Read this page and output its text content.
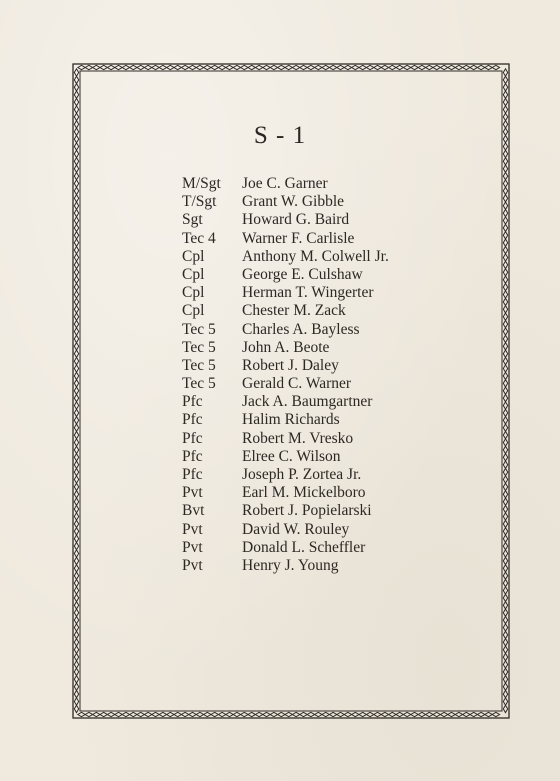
S - 1
M/Sgt Joe C. Garner
T/Sgt Grant W. Gibble
Sgt	Howard G. Baird
Tec 4 Warner F. Carlisle
Cpl Anthony M. Colwell Jr.
Cpl George E. Culshaw
Cpl Herman T. Wingerter
Cpl Chester M. Zack
Tec 5 Charles A. Bayless
Tec 5 John A. Beote
Tec 5 Robert J. Daley
Tec 5 Gerald C. Warner
Pfc	Jack A. Baumgartner
Pfc	Halim Richards
Pfc	Robert M. Vresko
Pfc	Elree C. Wilson
Pfc	Joseph P. Zortea Jr.
Pvt	Earl M. Mickelboro
Bvt Robert J. Popielarski
Pvt	David W. Rouley
Pvt	Donald L. Scheffler
Pvt	Henry J. Young
